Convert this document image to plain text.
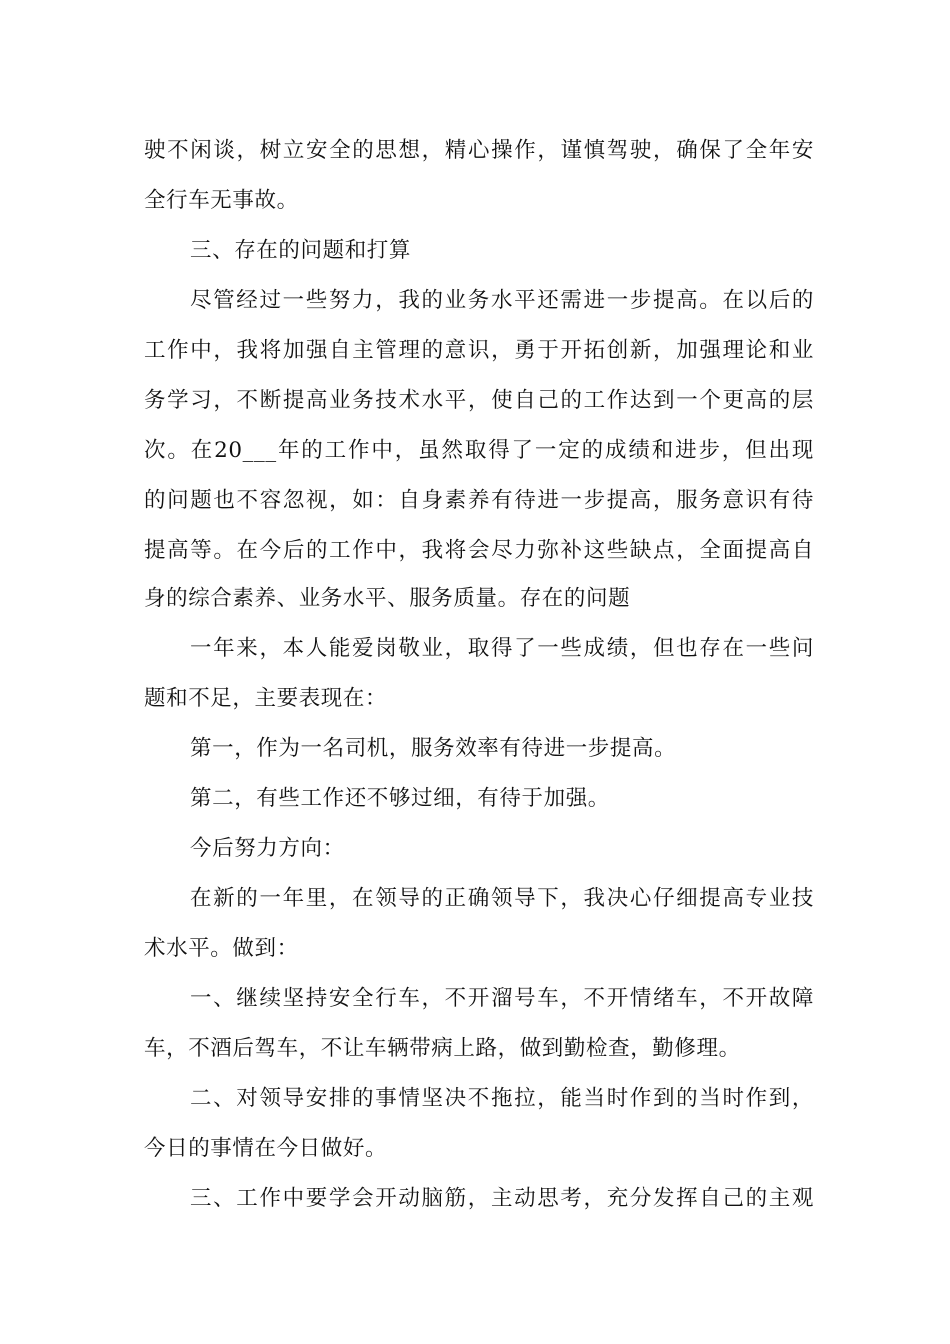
驶不闲谈，树立安全的思想，精心操作，谨慎驾驶，确保了全年安
全行车无事故。
三、存在的问题和打算
尽管经过一些努力，我的业务水平还需进一步提高。在以后的
工作中，我将加强自主管理的意识，勇于开拓创新，加强理论和业
务学习，不断提高业务技术水平，使自己的工作达到一个更高的层
次。在20___年的工作中，虽然取得了一定的成绩和进步，但出现
的问题也不容忽视，如：自身素养有待进一步提高，服务意识有待
提高等。在今后的工作中，我将会尽力弥补这些缺点，全面提高自
身的综合素养、业务水平、服务质量。存在的问题
一年来，本人能爱岗敬业，取得了一些成绩，但也存在一些问
题和不足，主要表现在：
第一，作为一名司机，服务效率有待进一步提高。
第二，有些工作还不够过细，有待于加强。
今后努力方向：
在新的一年里，在领导的正确领导下，我决心仔细提高专业技
术水平。做到：
一、继续坚持安全行车，不开溜号车，不开情绪车，不开故障
车，不酒后驾车，不让车辆带病上路，做到勤检查，勤修理。
二、对领导安排的事情坚决不拖拉，能当时作到的当时作到，
今日的事情在今日做好。
三、工作中要学会开动脑筋，主动思考，充分发挥自己的主观
